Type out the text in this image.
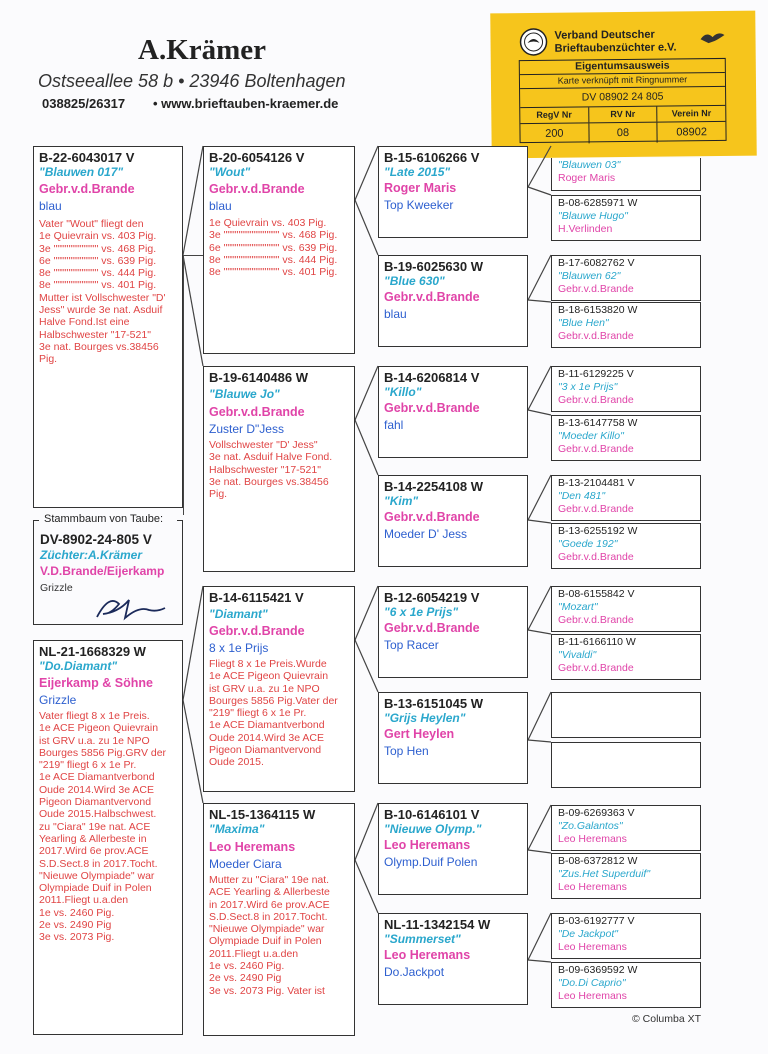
A.Krämer
Ostseeallee 58 b • 23946 Boltenhagen
038825/26317 • www.brieftauben-kraemer.de
Verband Deutscher
Brieftaubenzüchter e.V.
Eigentumsausweis
Karte verknüpft mit Ringnummer
DV 08902 24 805
RegV Nr	RV Nr	Verein Nr
200	08	08902
B-22-6043017 V
"Blauwen 017"
Gebr.v.d.Brande
blau
Vater "Wout" fliegt den
1e Quievrain vs. 403 Pig.
3e """""""""""" vs. 468 Pig.
6e """""""""""" vs. 639 Pig.
8e """""""""""" vs. 444 Pig.
8e """""""""""" vs. 401 Pig.
Mutter ist Vollschwester "D'
Jess" wurde 3e nat. Asduif
Halve Fond.Ist eine
Halbschwester "17-521"
3e nat. Bourges vs.38456
Pig.
Stammbaum von Taube:
DV-8902-24-805 V
Züchter:A.Krämer
V.D.Brande/Eijerkamp
Grizzle
NL-21-1668329 W
"Do.Diamant"
Eijerkamp & Söhne
Grizzle
Vater fliegt 8 x 1e Preis.
1e ACE Pigeon Quievrain
ist GRV u.a. zu 1e NPO
Bourges 5856 Pig.GRV der
"219" fliegt 6 x 1e Pr.
1e ACE Diamantverbond
Oude 2014.Wird 3e ACE
Pigeon Diamantvervond
Oude 2015.Halbschwest.
zu "Ciara" 19e nat. ACE
Yearling & Allerbeste in
2017.Wird 6e prov.ACE
S.D.Sect.8 in 2017.Tocht.
"Nieuwe Olympiade" war
Olympiade Duif in Polen
2011.Fliegt u.a.den
1e vs. 2460 Pig.
2e vs. 2490 Pig
3e vs. 2073 Pig.
B-20-6054126 V
"Wout"
Gebr.v.d.Brande
blau
1e Quievrain vs. 403 Pig.
3e """"""""""""""" vs. 468 Pig.
6e """"""""""""""" vs. 639 Pig.
8e """"""""""""""" vs. 444 Pig.
8e """"""""""""""" vs. 401 Pig.
B-19-6140486 W
"Blauwe Jo"
Gebr.v.d.Brande
Zuster D"Jess
Vollschwester "D' Jess"
3e nat. Asduif Halve Fond.
Halbschwester "17-521"
3e nat. Bourges vs.38456
Pig.
B-14-6115421 V
"Diamant"
Gebr.v.d.Brande
8 x 1e Prijs
Fliegt 8 x 1e Preis.Wurde
1e ACE Pigeon Quievrain
ist GRV u.a. zu 1e NPO
Bourges 5856 Pig.Vater der
"219" fliegt 6 x 1e Pr.
1e ACE Diamantverbond
Oude 2014.Wird 3e ACE
Pigeon Diamantvervond
Oude 2015.
NL-15-1364115 W
"Maxima"
Leo Heremans
Moeder Ciara
Mutter zu "Ciara" 19e nat.
ACE Yearling & Allerbeste
in 2017.Wird 6e prov.ACE
S.D.Sect.8 in 2017.Tocht.
"Nieuwe Olympiade" war
Olympiade Duif in Polen
2011.Fliegt u.a.den
1e vs. 2460 Pig.
2e vs. 2490 Pig
3e vs. 2073 Pig. Vater ist
B-15-6106266 V
"Late 2015"
Roger Maris
Top Kweeker
B-19-6025630 W
"Blue 630"
Gebr.v.d.Brande
blau
B-14-6206814 V
"Killo"
Gebr.v.d.Brande
fahl
B-14-2254108 W
"Kim"
Gebr.v.d.Brande
Moeder D' Jess
B-12-6054219 V
"6 x 1e Prijs"
Gebr.v.d.Brande
Top Racer
B-13-6151045 W
"Grijs Heylen"
Gert Heylen
Top Hen
B-10-6146101 V
"Nieuwe Olymp."
Leo Heremans
Olymp.Duif Polen
NL-11-1342154 W
"Summerset"
Leo Heremans
Do.Jackpot
"Blauwen 03"
Roger Maris
B-08-6285971 W
"Blauwe Hugo"
H.Verlinden
B-17-6082762 V
"Blauwen 62"
Gebr.v.d.Brande
B-18-6153820 W
"Blue Hen"
Gebr.v.d.Brande
B-11-6129225 V
"3 x 1e Prijs"
Gebr.v.d.Brande
B-13-6147758 W
"Moeder Killo"
Gebr.v.d.Brande
B-13-2104481 V
"Den 481"
Gebr.v.d.Brande
B-13-6255192 W
"Goede 192"
Gebr.v.d.Brande
B-08-6155842 V
"Mozart"
Gebr.v.d.Brande
B-11-6166110 W
"Vivaldi"
Gebr.v.d.Brande
B-09-6269363 V
"Zo.Galantos"
Leo Heremans
B-08-6372812 W
"Zus.Het Superduif"
Leo Heremans
B-03-6192777 V
"De Jackpot"
Leo Heremans
B-09-6369592 W
"Do.Di Caprio"
Leo Heremans
© Columba XT
